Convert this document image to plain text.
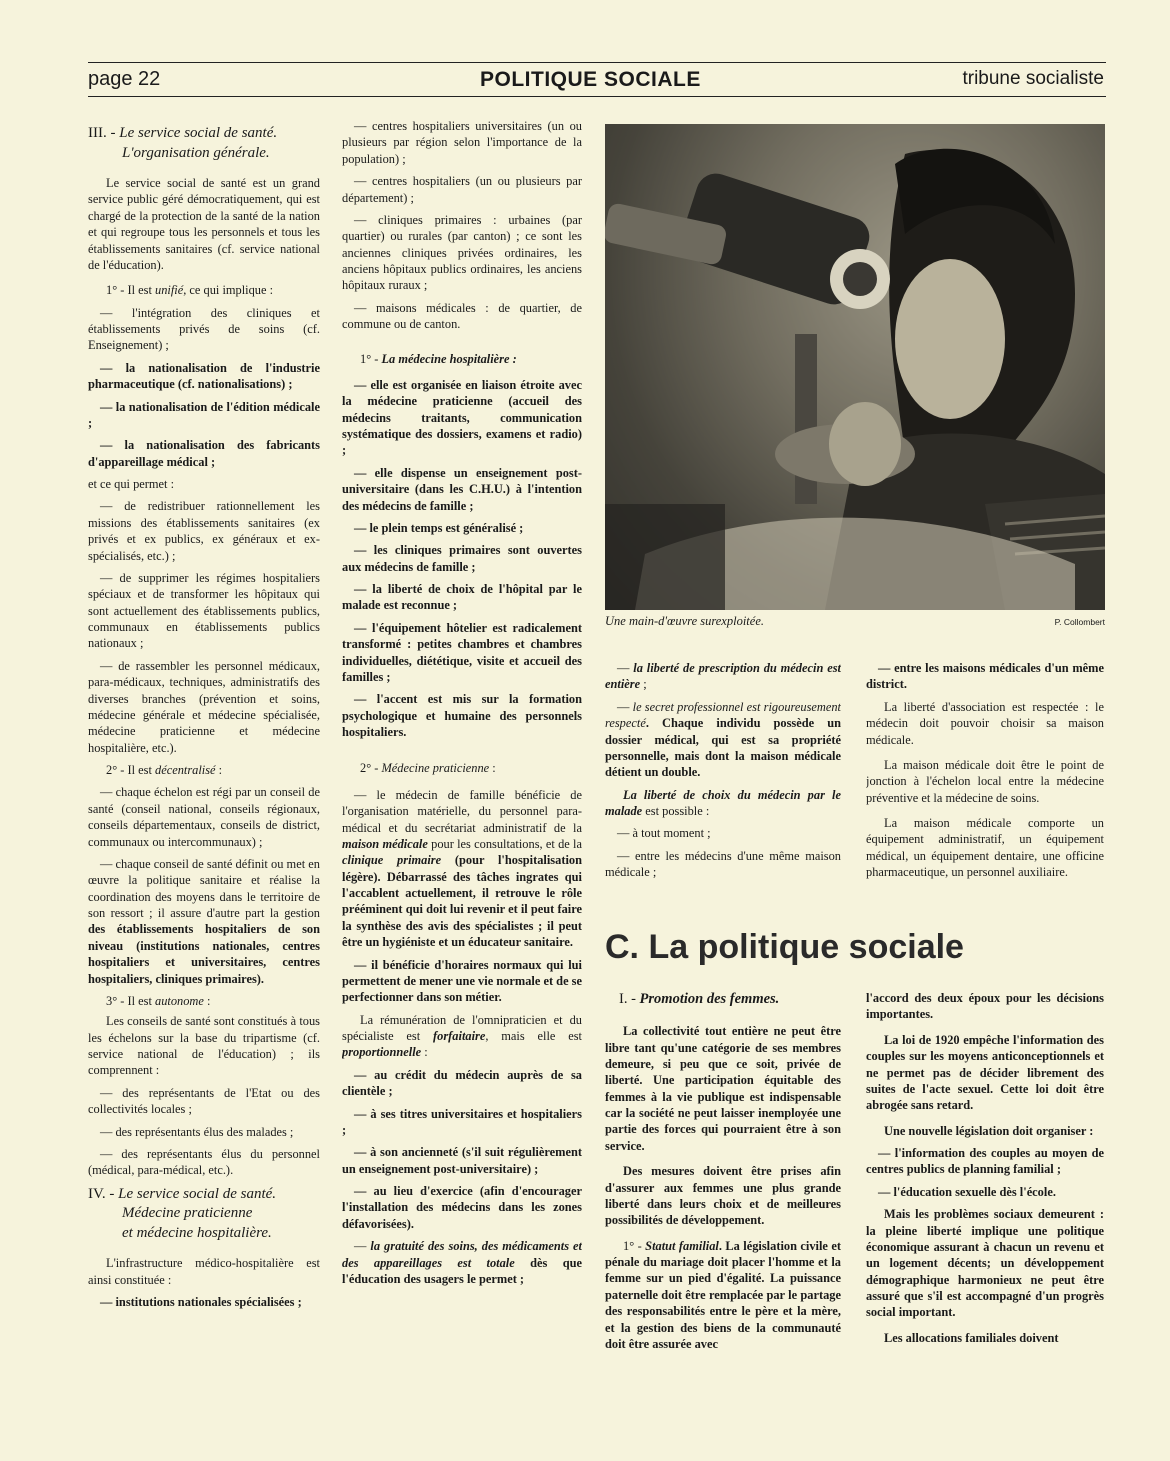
page 22	POLITIQUE SOCIALE	tribune socialiste
III. - Le service social de santé.
L'organisation générale.

Le service social de santé est un grand service public géré démocratiquement, qui est chargé de la protection de la santé de la nation et qui regroupe tous les personnels et tous les établissements sanitaires (cf. service national de l'éducation).

1° - Il est unifié, ce qui implique :

— l'intégration des cliniques et établissements privés de soins (cf. Enseignement) ;

— la nationalisation de l'industrie pharmaceutique (cf. nationalisations) ;

— la nationalisation de l'édition médicale ;

— la nationalisation des fabricants d'appareillage médical ;

et ce qui permet :

— de redistribuer rationnellement les missions des établissements sanitaires (ex privés et ex publics, ex généraux et ex-spécialisés, etc.) ;

— de supprimer les régimes hospitaliers spéciaux et de transformer les hôpitaux qui sont actuellement des établissements publics, communaux en établissements publics nationaux ;

— de rassembler les personnel médicaux, para-médicaux, techniques, administratifs des diverses branches (prévention et soins, médecine générale et médecine spécialisée, médecine praticienne et médecine hospitalière, etc.).

2° - Il est décentralisé :

— chaque échelon est régi par un conseil de santé (conseil national, conseils régionaux, conseils départementaux, conseils de district, communaux ou intercommunaux) ;

— chaque conseil de santé définit ou met en œuvre la politique sanitaire et réalise la coordination des moyens dans le territoire de son ressort ; il assure d'autre part la gestion des établissements hospitaliers de son niveau (institutions nationales, centres hospitaliers et universitaires, centres hospitaliers, cliniques primaires).

3° - Il est autonome :

Les conseils de santé sont constitués à tous les échelons sur la base du tripartisme (cf. service national de l'éducation) ; ils comprennent :

— des représentants de l'Etat ou des collectivités locales ;

— des représentants élus des malades ;

— des représentants élus du personnel (médical, para-médical, etc.).

IV. - Le service social de santé.
Médecine praticienne
et médecine hospitalière.

L'infrastructure médico-hospitalière est ainsi constituée :

— institutions nationales spécialisées ;

— centres hospitaliers universitaires (un ou plusieurs par région selon l'importance de la population) ;

— centres hospitaliers (un ou plusieurs par département) ;

— cliniques primaires : urbaines (par quartier) ou rurales (par canton) ; ce sont les anciennes cliniques privées ordinaires, les anciens hôpitaux publics ordinaires, les anciens hôpitaux ruraux ;

— maisons médicales : de quartier, de commune ou de canton.

1° - La médecine hospitalière :

— elle est organisée en liaison étroite avec la médecine praticienne (accueil des médecins traitants, communication systématique des dossiers, examens et radio) ;

— elle dispense un enseignement post-universitaire (dans les C.H.U.) à l'intention des médecins de famille ;

— le plein temps est généralisé ;

— les cliniques primaires sont ouvertes aux médecins de famille ;

— la liberté de choix de l'hôpital par le malade est reconnue ;

— l'équipement hôtelier est radicalement transformé : petites chambres et chambres individuelles, diététique, visite et accueil des familles ;

— l'accent est mis sur la formation psychologique et humaine des personnels hospitaliers.

2° - Médecine praticienne :

— le médecin de famille bénéficie de l'organisation matérielle, du personnel para-médical et du secrétariat administratif de la maison médicale pour les consultations, et de la clinique primaire (pour l'hospitalisation légère). Débarrassé des tâches ingrates qui l'accablent actuellement, il retrouve le rôle prééminent qui doit lui revenir et il peut faire la synthèse des avis des spécialistes ; il peut être un hygiéniste et un éducateur sanitaire.

— il bénéficie d'horaires normaux qui lui permettent de mener une vie normale et de se perfectionner dans son métier.

La rémunération de l'omnipraticien et du spécialiste est forfaitaire, mais elle est proportionnelle :

— au crédit du médecin auprès de sa clientèle ;

— à ses titres universitaires et hospitaliers ;

— à son ancienneté (s'il suit régulièrement un enseignement post-universitaire) ;

— au lieu d'exercice (afin d'encourager l'installation des médecins dans les zones défavorisées).

— la gratuité des soins, des médicaments et des appareillages est totale dès que l'éducation des usagers le permet ;

Une main-d'œuvre surexploitée.	P. Collombert

— la liberté de prescription du médecin est entière ;

— le secret professionnel est rigoureusement respecté. Chaque individu possède un dossier médical, qui est sa propriété personnelle, mais dont la maison médicale détient un double.

La liberté de choix du médecin par le malade est possible :

— à tout moment ;

— entre les médecins d'une même maison médicale ;

— entre les maisons médicales d'un même district.

La liberté d'association est respectée : le médecin doit pouvoir choisir sa maison médicale.

La maison médicale doit être le point de jonction à l'échelon local entre la médecine préventive et la médecine de soins.

La maison médicale comporte un équipement administratif, un équipement médical, un équipement dentaire, une officine pharmaceutique, un personnel auxiliaire.

C. La politique sociale
I. - Promotion des femmes.

La collectivité tout entière ne peut être libre tant qu'une catégorie de ses membres demeure, si peu que ce soit, privée de liberté. Une participation équitable des femmes à la vie publique est indispensable car la société ne peut laisser inemployée une partie des forces qui pourraient être à son service.

Des mesures doivent être prises afin d'assurer aux femmes une plus grande liberté dans leurs choix et de meilleures possibilités de développement.

1° - Statut familial. La législation civile et pénale du mariage doit placer l'homme et la femme sur un pied d'égalité. La puissance paternelle doit être remplacée par le partage des responsabilités entre le père et la mère, et la gestion des biens de la communauté doit être assurée avec

l'accord des deux époux pour les décisions importantes.

La loi de 1920 empêche l'information des couples sur les moyens anticonceptionnels et ne permet pas de décider librement des suites de l'acte sexuel. Cette loi doit être abrogée sans retard.

Une nouvelle législation doit organiser :

— l'information des couples au moyen de centres publics de planning familial ;

— l'éducation sexuelle dès l'école.

Mais les problèmes sociaux demeurent : la pleine liberté implique une politique économique assurant à chacun un revenu et un logement décents; un développement démographique harmonieux ne peut être assuré que s'il est accompagné d'un progrès social important.

Les allocations familiales doivent
